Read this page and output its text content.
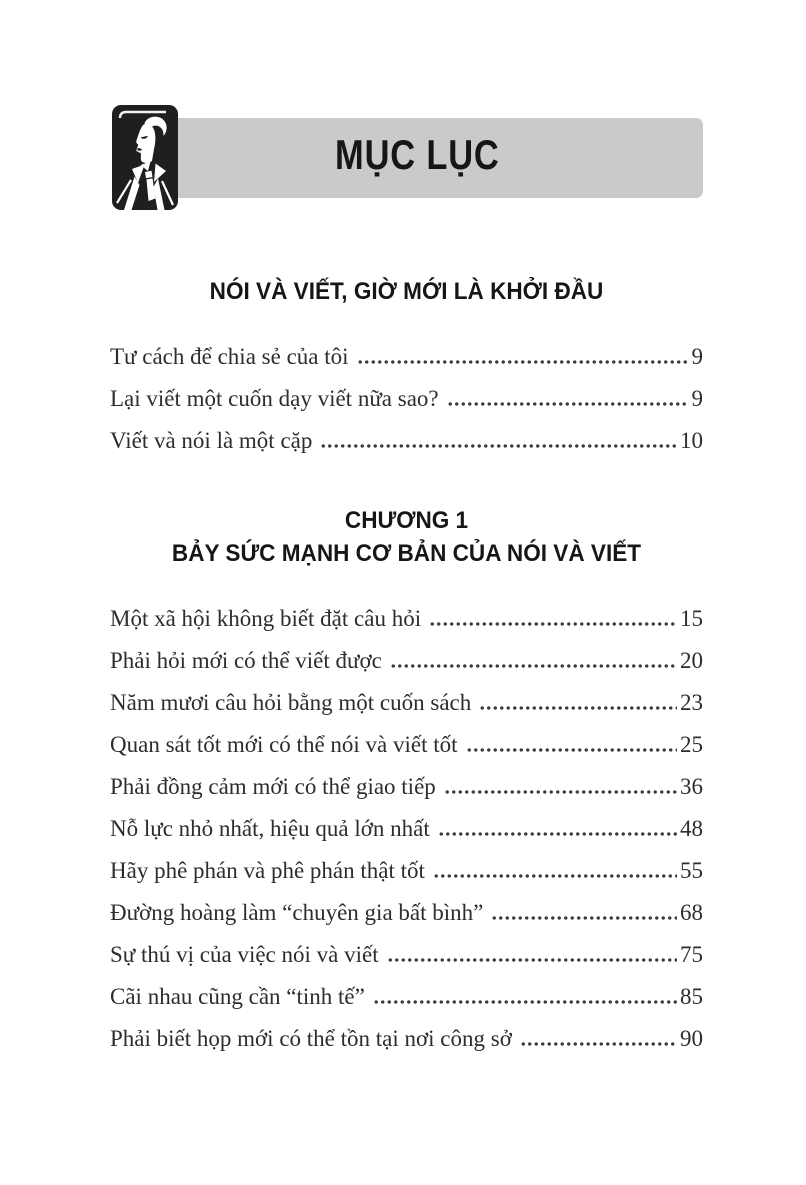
MỤC LỤC
NÓI VÀ VIẾT, GIỜ MỚI LÀ KHỞI ĐẦU
Tư cách để chia sẻ của tôi	9
Lại viết một cuốn dạy viết nữa sao?	9
Viết và nói là một cặp	10
CHƯƠNG 1
BẢY SỨC MẠNH CƠ BẢN CỦA NÓI VÀ VIẾT
Một xã hội không biết đặt câu hỏi	15
Phải hỏi mới có thể viết được	20
Năm mươi câu hỏi bằng một cuốn sách	23
Quan sát tốt mới có thể nói và viết tốt	25
Phải đồng cảm mới có thể giao tiếp	36
Nỗ lực nhỏ nhất, hiệu quả lớn nhất	48
Hãy phê phán và phê phán thật tốt	55
Đường hoàng làm “chuyên gia bất bình”	68
Sự thú vị của việc nói và viết	75
Cãi nhau cũng cần “tinh tế”	85
Phải biết họp mới có thể tồn tại nơi công sở	90
